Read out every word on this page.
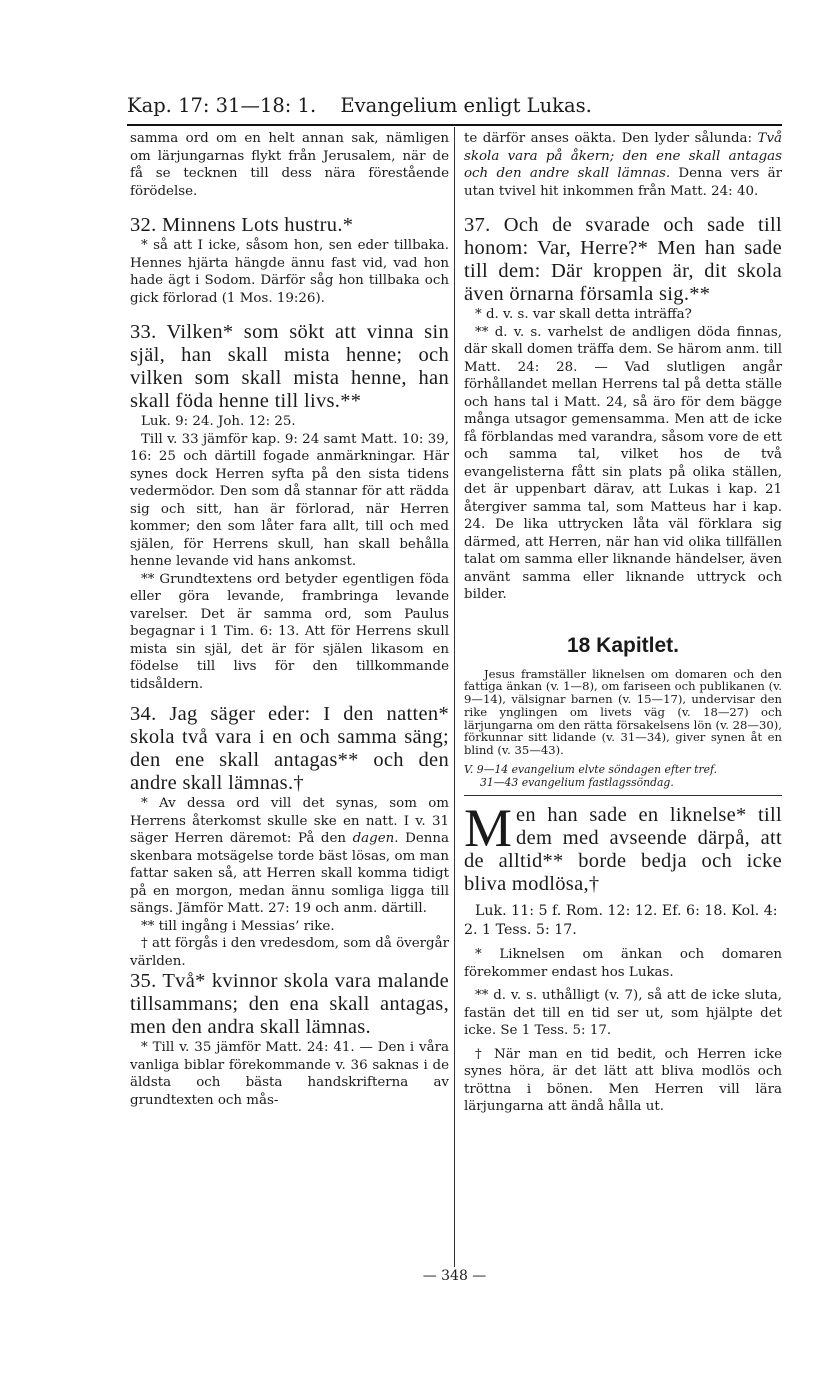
Kap. 17: 31—18: 1. Evangelium enligt Lukas.

samma ord om en helt annan sak, nämligen om lärjungarnas flykt från Jerusalem, när de få se tecknen till dess nära förestående förödelse.

32. Minnens Lots hustru.*

* så att I icke, såsom hon, sen eder tillbaka. Hennes hjärta hängde ännu fast vid, vad hon hade ägt i Sodom. Därför såg hon tillbaka och gick förlorad (1 Mos. 19:26).

33. Vilken* som sökt att vinna sin själ, han skall mista henne; och vilken som skall mista henne, han skall föda henne till livs.**

Luk. 9: 24. Joh. 12: 25.

Till v. 33 jämför kap. 9: 24 samt Matt. 10: 39, 16: 25 och därtill fogade anmärkningar. Här synes dock Herren syfta på den sista tidens vedermödor. Den som då stannar för att rädda sig och sitt, han är förlorad, när Herren kommer; den som låter fara allt, till och med själen, för Herrens skull, han skall behålla henne levande vid hans ankomst.

** Grundtextens ord betyder egentligen föda eller göra levande, frambringa levande varelser. Det är samma ord, som Paulus begagnar i 1 Tim. 6: 13. Att för Herrens skull mista sin själ, det är för själen likasom en födelse till livs för den tillkommande tidsåldern.

34. Jag säger eder: I den natten* skola två vara i en och samma säng; den ene skall antagas** och den andre skall lämnas.†

* Av dessa ord vill det synas, som om Herrens återkomst skulle ske en natt. I v. 31 säger Herren däremot: På den dagen. Denna skenbara motsägelse torde bäst lösas, om man fattar saken så, att Herren skall komma tidigt på en morgon, medan ännu somliga ligga till sängs. Jämför Matt. 27: 19 och anm. därtill.

** till ingång i Messias’ rike.

† att förgås i den vredesdom, som då övergår världen.

35. Två* kvinnor skola vara malande tillsammans; den ena skall antagas, men den andra skall lämnas.

* Till v. 35 jämför Matt. 24: 41. — Den i våra vanliga biblar förekommande v. 36 saknas i de äldsta och bästa handskrifterna av grundtexten och mås-

te därför anses oäkta. Den lyder sålunda: Två skola vara på åkern; den ene skall antagas och den andre skall lämnas. Denna vers är utan tvivel hit inkommen från Matt. 24: 40.

37. Och de svarade och sade till honom: Var, Herre?* Men han sade till dem: Där kroppen är, dit skola även örnarna församla sig.**

* d. v. s. var skall detta inträffa?

** d. v. s. varhelst de andligen döda finnas, där skall domen träffa dem. Se härom anm. till Matt. 24: 28. — Vad slutligen angår förhållandet mellan Herrens tal på detta ställe och hans tal i Matt. 24, så äro för dem bägge många utsagor gemensamma. Men att de icke få förblandas med varandra, såsom vore de ett och samma tal, vilket hos de två evangelisterna fått sin plats på olika ställen, det är uppenbart därav, att Lukas i kap. 21 återgiver samma tal, som Matteus har i kap. 24. De lika uttrycken låta väl förklara sig därmed, att Herren, när han vid olika tillfällen talat om samma eller liknande händelser, även använt samma eller liknande uttryck och bilder.

18 Kapitlet.

Jesus framställer liknelsen om domaren och den fattiga änkan (v. 1—8), om fariseen och publikanen (v. 9—14), välsignar barnen (v. 15—17), undervisar den rike ynglingen om livets väg (v. 18—27) och lärjungarna om den rätta försakelsens lön (v. 28—30), förkunnar sitt lidande (v. 31—34), giver synen åt en blind (v. 35—43).

V. 9—14 evangelium elvte söndagen efter tref.
31—43 evangelium fastlagssöndag.
M en han sade en liknelse* till dem med avseende därpå, att de alltid** borde bedja och icke bliva modlösa,†

Luk. 11: 5 f. Rom. 12: 12. Ef. 6: 18. Kol. 4: 2. 1 Tess. 5: 17.

* Liknelsen om änkan och domaren förekommer endast hos Lukas.

** d. v. s. uthålligt (v. 7), så att de icke sluta, fastän det till en tid ser ut, som hjälpte det icke. Se 1 Tess. 5: 17.

† När man en tid bedit, och Herren icke synes höra, är det lätt att bliva modlös och tröttna i bönen. Men Herren vill lära lärjungarna att ändå hålla ut.

— 348 —
